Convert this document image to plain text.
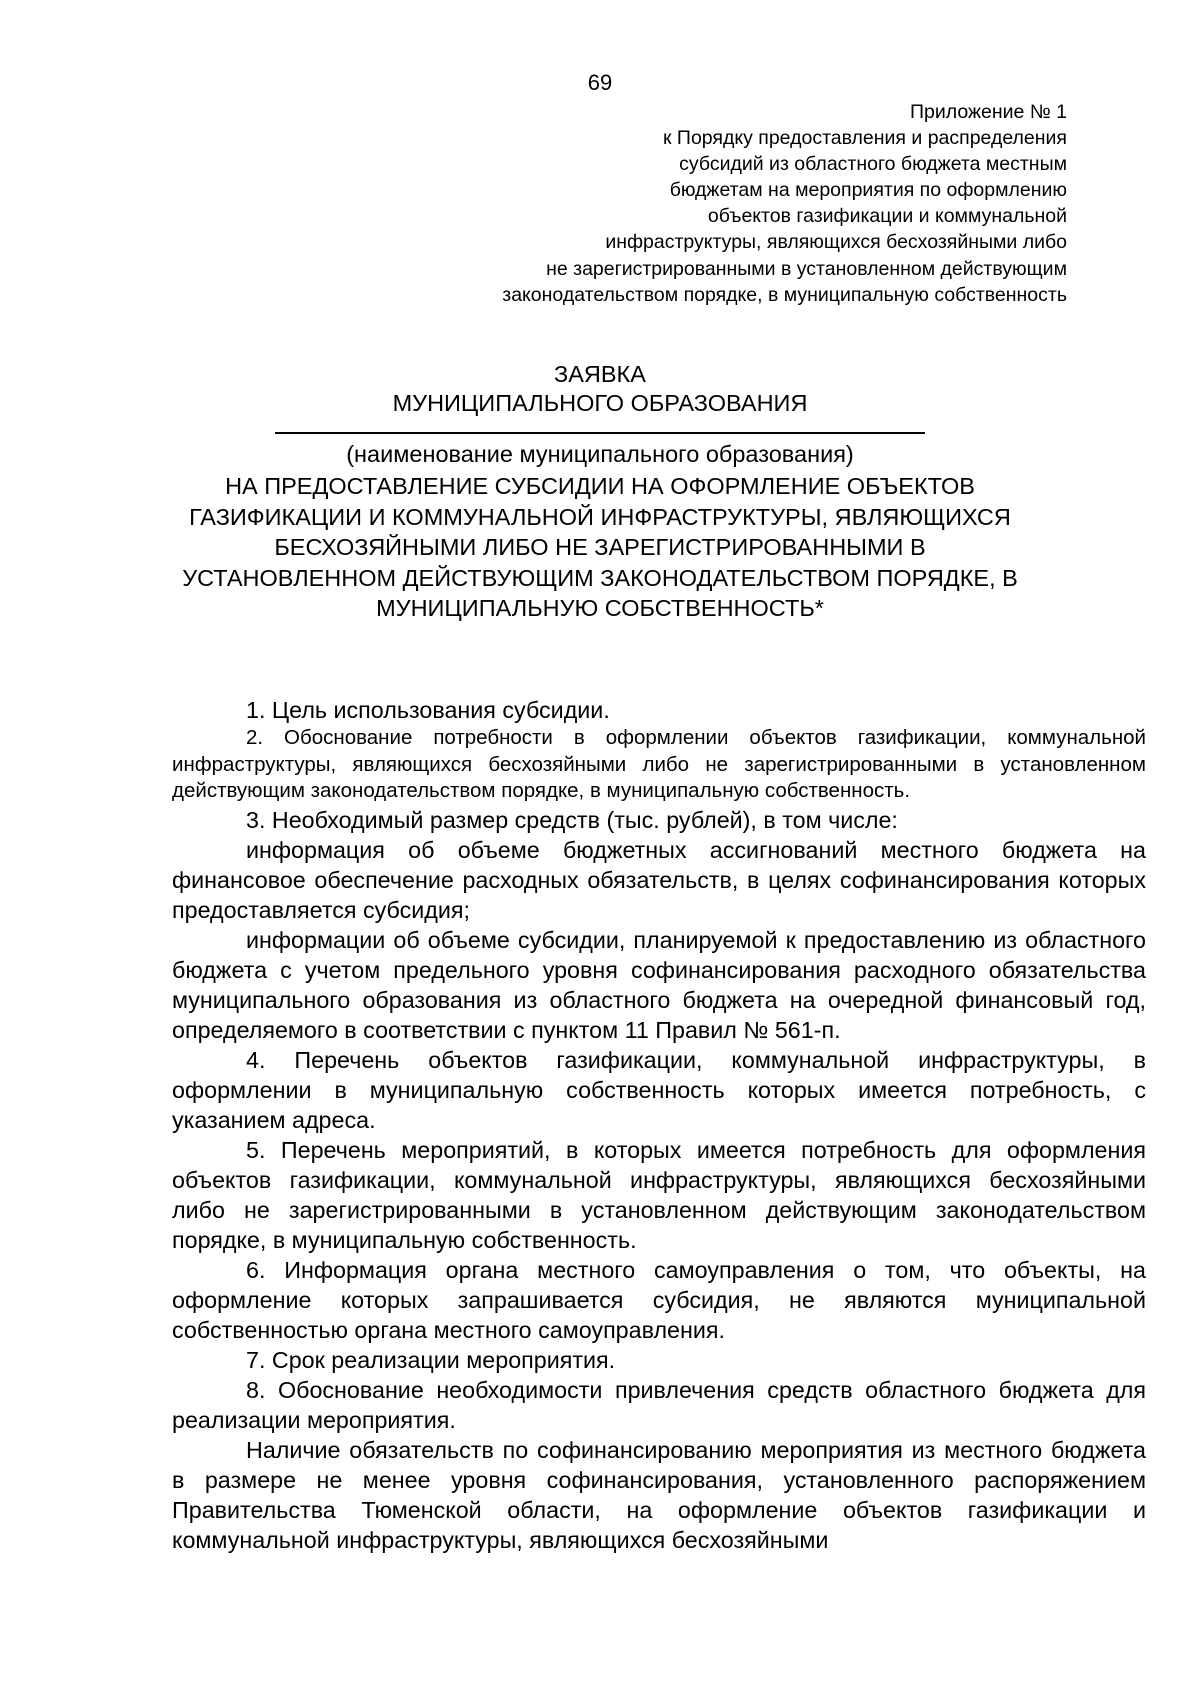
69
Приложение № 1
к Порядку предоставления и распределения
субсидий из областного бюджета местным
бюджетам на мероприятия по оформлению
объектов газификации и коммунальной
инфраструктуры, являющихся бесхозяйными либо
не зарегистрированными в установленном действующим
законодательством порядке, в муниципальную собственность
ЗАЯВКА
МУНИЦИПАЛЬНОГО ОБРАЗОВАНИЯ
(наименование муниципального образования)
НА ПРЕДОСТАВЛЕНИЕ СУБСИДИИ НА ОФОРМЛЕНИЕ ОБЪЕКТОВ
ГАЗИФИКАЦИИ И КОММУНАЛЬНОЙ ИНФРАСТРУКТУРЫ, ЯВЛЯЮЩИХСЯ
БЕСХОЗЯЙНЫМИ ЛИБО НЕ ЗАРЕГИСТРИРОВАННЫМИ В
УСТАНОВЛЕННОМ ДЕЙСТВУЮЩИМ ЗАКОНОДАТЕЛЬСТВОМ ПОРЯДКЕ, В
МУНИЦИПАЛЬНУЮ СОБСТВЕННОСТЬ*

1. Цель использования субсидии.

2. Обоснование потребности в оформлении объектов газификации, коммунальной инфраструктуры, являющихся бесхозяйными либо не зарегистрированными в установленном действующим законодательством порядке, в муниципальную собственность.

3. Необходимый размер средств (тыс. рублей), в том числе:

информация об объеме бюджетных ассигнований местного бюджета на финансовое обеспечение расходных обязательств, в целях софинансирования которых предоставляется субсидия;

информации об объеме субсидии, планируемой к предоставлению из областного бюджета с учетом предельного уровня софинансирования расходного обязательства муниципального образования из областного бюджета на очередной финансовый год, определяемого в соответствии с пунктом 11 Правил № 561-п.

4. Перечень объектов газификации, коммунальной инфраструктуры, в оформлении в муниципальную собственность которых имеется потребность, с указанием адреса.

5. Перечень мероприятий, в которых имеется потребность для оформления объектов газификации, коммунальной инфраструктуры, являющихся бесхозяйными либо не зарегистрированными в установленном действующим законодательством порядке, в муниципальную собственность.

6. Информация органа местного самоуправления о том, что объекты, на оформление которых запрашивается субсидия, не являются муниципальной собственностью органа местного самоуправления.

7. Срок реализации мероприятия.

8. Обоснование необходимости привлечения средств областного бюджета для реализации мероприятия.

Наличие обязательств по софинансированию мероприятия из местного бюджета в размере не менее уровня софинансирования, установленного распоряжением Правительства Тюменской области, на оформление объектов газификации и коммунальной инфраструктуры, являющихся бесхозяйными
